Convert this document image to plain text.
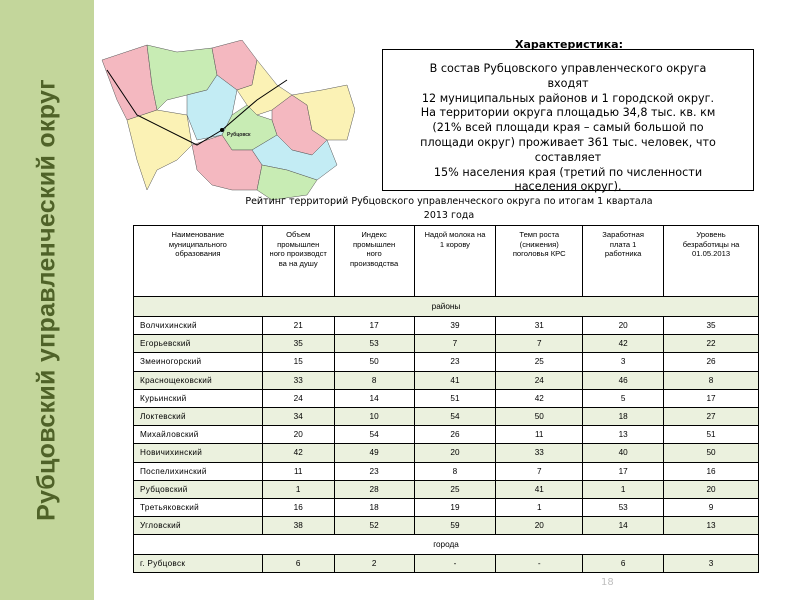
Рубцовский управленческий округ	Рубцовск
Характеристика:
В состав Рубцовского управленческого округа
входят
12 муниципальных районов и 1 городской округ.
На территории округа площадью 34,8 тыс. кв. км
(21% всей площади края – самый большой по
площади округ) проживает 361 тыс. человек, что
составляет
15% населения края (третий по численности
населения округ).
Рейтинг территорий Рубцовского управленческого округа по итогам 1 квартала
2013 года
Наименование муниципального образования	Объем промышлен ного производст ва на душу	Индекс промышлен ного производства	Надой молока на 1 корову	Темп роста (снижения) поголовья КРС	Заработная плата 1 работника	Уровень безработицы на 01.05.2013
районы						
Волчихинский	21	17	39	31	20	35
Егорьевский	35	53	7	7	42	22
Змеиногорский	15	50	23	25	3	26
Краснощековский	33	8	41	24	46	8
Курьинский	24	14	51	42	5	17
Локтевский	34	10	54	50	18	27
Михайловский	20	54	26	11	13	51
Новичихинский	42	49	20	33	40	50
Поспелихинский	11	23	8	7	17	16
Рубцовский	1	28	25	41	1	20
Третьяковский	16	18	19	1	53	9
Угловский	38	52	59	20	14	13
города						
г. Рубцовск	6	2	-	-	6	3
18
